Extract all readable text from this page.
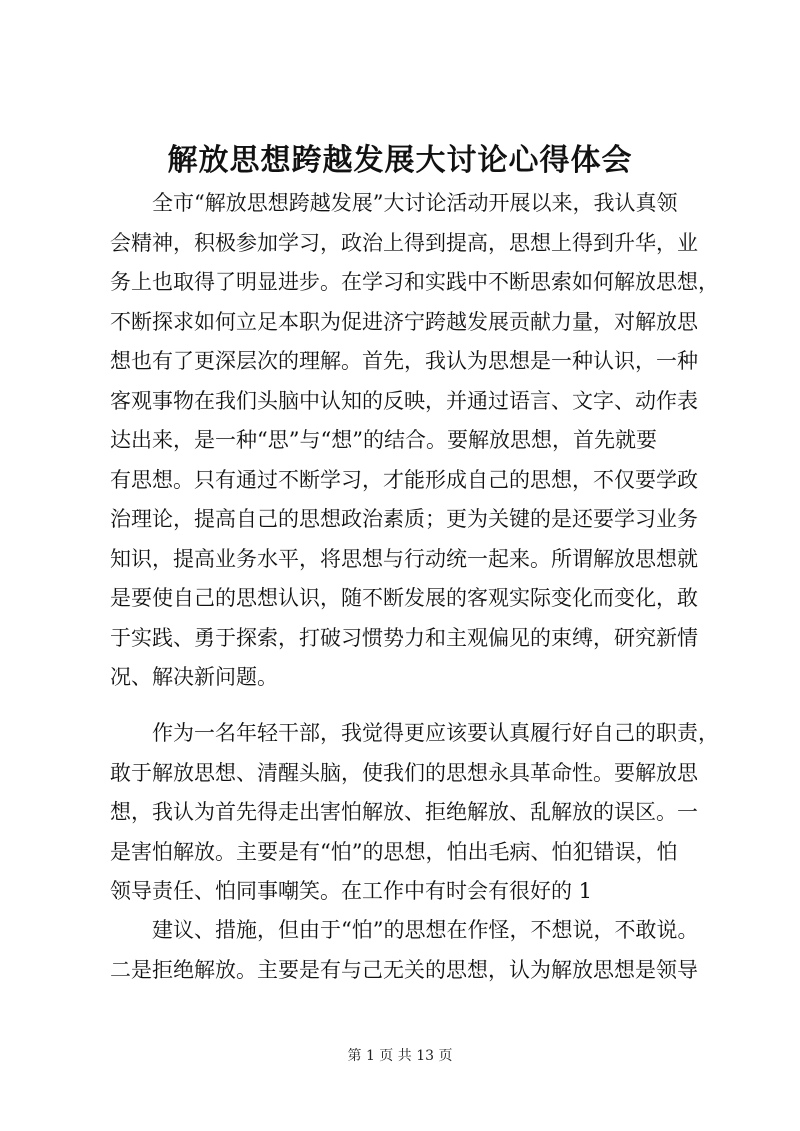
解放思想跨越发展大讨论心得体会
　　全市“解放思想跨越发展”大讨论活动开展以来，我认真领
会精神，积极参加学习，政治上得到提高，思想上得到升华，业
务上也取得了明显进步。在学习和实践中不断思索如何解放思想，
不断探求如何立足本职为促进济宁跨越发展贡献力量，对解放思
想也有了更深层次的理解。首先，我认为思想是一种认识，一种
客观事物在我们头脑中认知的反映，并通过语言、文字、动作表
达出来，是一种“思”与“想”的结合。要解放思想，首先就要
有思想。只有通过不断学习，才能形成自己的思想，不仅要学政
治理论，提高自己的思想政治素质；更为关键的是还要学习业务
知识，提高业务水平，将思想与行动统一起来。所谓解放思想就
是要使自己的思想认识，随不断发展的客观实际变化而变化，敢
于实践、勇于探索，打破习惯势力和主观偏见的束缚，研究新情
况、解决新问题。
　　作为一名年轻干部，我觉得更应该要认真履行好自己的职责，
敢于解放思想、清醒头脑，使我们的思想永具革命性。要解放思
想，我认为首先得走出害怕解放、拒绝解放、乱解放的误区。一
是害怕解放。主要是有“怕”的思想，怕出毛病、怕犯错误，怕
领导责任、怕同事嘲笑。在工作中有时会有很好的 1
　　建议、措施，但由于“怕”的思想在作怪，不想说，不敢说。
二是拒绝解放。主要是有与己无关的思想，认为解放思想是领导
第 1 页 共 13 页
